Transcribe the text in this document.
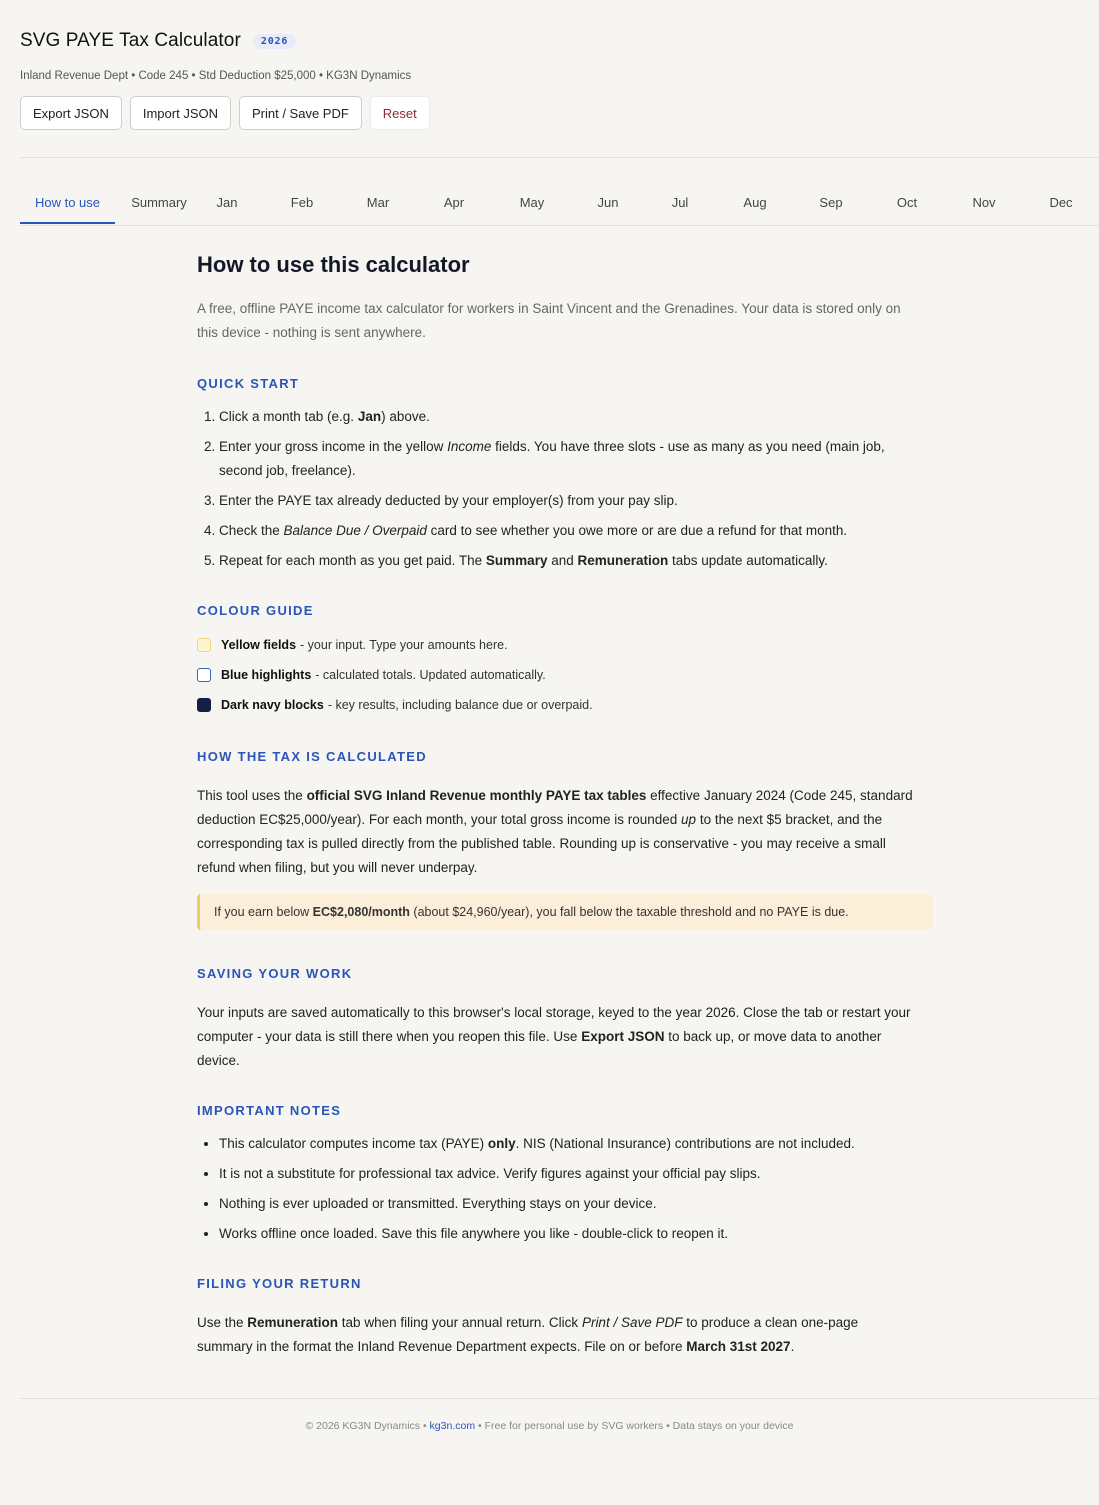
SVG PAYE Tax Calculator	2026
Inland Revenue Dept • Code 245 • Std Deduction $25,000 • KG3N Dynamics
Export JSON	Import JSON	Print / Save PDF	Reset
How to use	Summary	Jan	Feb	Mar	Apr	May	Jun	Jul	Aug	Sep	Oct	Nov	Dec
How to use this calculator
A free, offline PAYE income tax calculator for workers in Saint Vincent and the Grenadines. Your data is stored only on this device - nothing is sent anywhere.
QUICK START
1. Click a month tab (e.g. Jan) above.
2. Enter your gross income in the yellow Income fields. You have three slots - use as many as you need (main job, second job, freelance).
3. Enter the PAYE tax already deducted by your employer(s) from your pay slip.
4. Check the Balance Due / Overpaid card to see whether you owe more or are due a refund for that month.
5. Repeat for each month as you get paid. The Summary and Remuneration tabs update automatically.
COLOUR GUIDE
Yellow fields - your input. Type your amounts here.
Blue highlights - calculated totals. Updated automatically.
Dark navy blocks - key results, including balance due or overpaid.
HOW THE TAX IS CALCULATED

This tool uses the official SVG Inland Revenue monthly PAYE tax tables effective January 2024 (Code 245, standard deduction EC$25,000/year). For each month, your total gross income is rounded up to the next $5 bracket, and the corresponding tax is pulled directly from the published table. Rounding up is conservative - you may receive a small refund when filing, but you will never underpay.

If you earn below EC$2,080/month (about $24,960/year), you fall below the taxable threshold and no PAYE is due.
SAVING YOUR WORK

Your inputs are saved automatically to this browser's local storage, keyed to the year 2026. Close the tab or restart your computer - your data is still there when you reopen this file. Use Export JSON to back up, or move data to another device.

IMPORTANT NOTES
• This calculator computes income tax (PAYE) only. NIS (National Insurance) contributions are not included.
• It is not a substitute for professional tax advice. Verify figures against your official pay slips.
• Nothing is ever uploaded or transmitted. Everything stays on your device.
• Works offline once loaded. Save this file anywhere you like - double-click to reopen it.
FILING YOUR RETURN

Use the Remuneration tab when filing your annual return. Click Print / Save PDF to produce a clean one-page summary in the format the Inland Revenue Department expects. File on or before March 31st 2027.

© 2026 KG3N Dynamics • kg3n.com • Free for personal use by SVG workers • Data stays on your device
